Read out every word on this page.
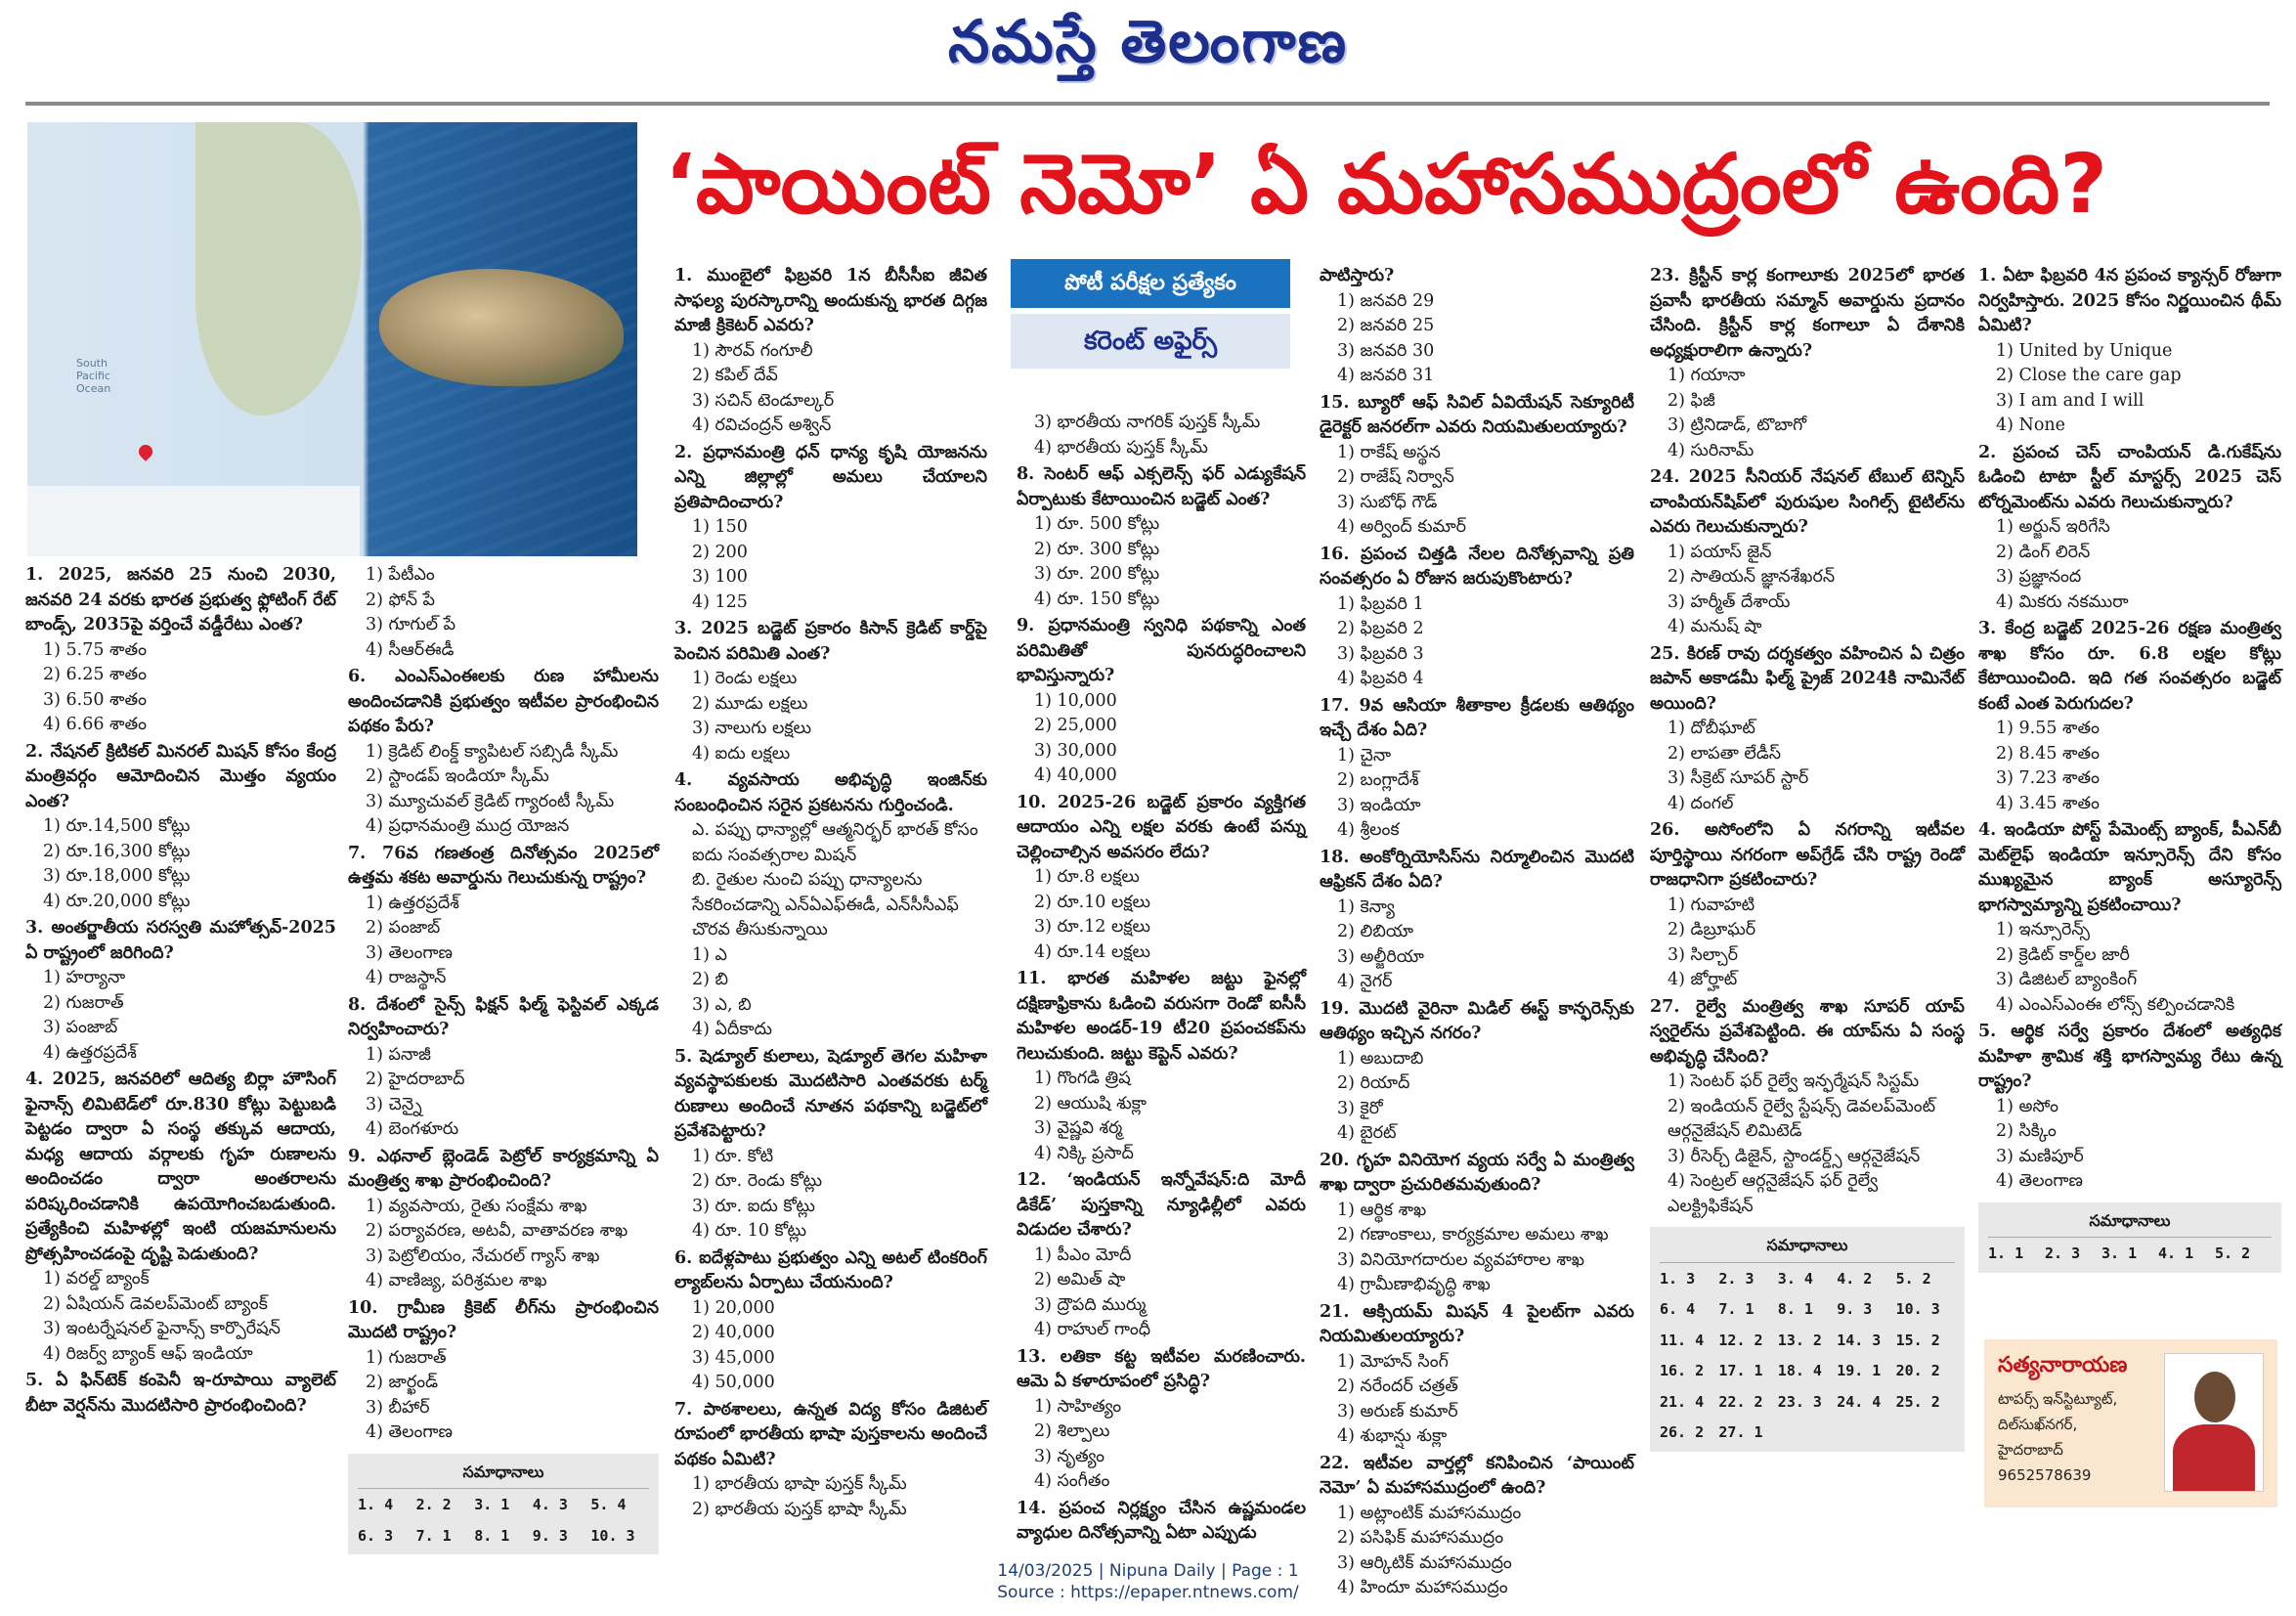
నమస్తే తెలంగాణ
South
Pacific
Ocean
‘పాయింట్ నెమో’ ఏ మహాసముద్రంలో ఉంది?
1. 2025, జనవరి 25 నుంచి 2030, జనవరి 24 వరకు భారత ప్రభుత్వ ఫ్లోటింగ్ రేట్ బాండ్స్, 2035పై వర్తించే వడ్డీరేటు ఎంత?
1) 5.75 శాతం2) 6.25 శాతం3) 6.50 శాతం4) 6.66 శాతం
2. నేషనల్ క్రిటికల్ మినరల్ మిషన్ కోసం కేంద్ర మంత్రివర్గం ఆమోదించిన మొత్తం వ్యయం ఎంత?
1) రూ.14,500 కోట్లు
2) రూ.16,300 కోట్లు
3) రూ.18,000 కోట్లు
4) రూ.20,000 కోట్లు
3. అంతర్జాతీయ సరస్వతి మహోత్సవ్-2025 ఏ రాష్ట్రంలో జరిగింది?
1) హర్యానా
2) గుజరాత్
3) పంజాబ్
4) ఉత్తరప్రదేశ్
4. 2025, జనవరిలో ఆదిత్య బిర్లా హౌసింగ్ ఫైనాన్స్ లిమిటెడ్‌లో రూ.830 కోట్లు పెట్టుబడి పెట్టడం ద్వారా ఏ సంస్థ తక్కువ ఆదాయ, మధ్య ఆదాయ వర్గాలకు గృహ రుణాలను అందించడం ద్వారా అంతరాలను పరిష్కరించడానికి ఉపయోగించబడుతుంది. ప్రత్యేకించి మహిళల్లో ఇంటి యజమానులను ప్రోత్సహించడంపై దృష్టి పెడుతుంది?
1) వరల్డ్ బ్యాంక్
2) ఏషియన్ డెవలప్‌మెంట్ బ్యాంక్
3) ఇంటర్నేషనల్ ఫైనాన్స్ కార్పొరేషన్
4) రిజర్వ్ బ్యాంక్ ఆఫ్ ఇండియా
5. ఏ ఫిన్‌టెక్ కంపెనీ ఇ-రూపాయి వ్యాలెట్ బీటా వెర్షన్‌ను మొదటిసారి ప్రారంభించింది?
1) పేటీఎం2) ఫోన్ పే3) గూగుల్ పే4) సీఆర్‌ఈడీ
6. ఎంఎస్‌ఎంఈలకు రుణ హామీలను అందించడానికి ప్రభుత్వం ఇటీవల ప్రారంభించిన పథకం పేరు?
1) క్రెడిట్ లింక్డ్ క్యాపిటల్ సబ్సిడీ స్కీమ్
2) స్టాండప్ ఇండియా స్కీమ్
3) మ్యూచువల్ క్రెడిట్ గ్యారంటీ స్కీమ్
4) ప్రధానమంత్రి ముద్ర యోజన
7. 76వ గణతంత్ర దినోత్సవం 2025లో ఉత్తమ శకట అవార్డును గెలుచుకున్న రాష్ట్రం?
1) ఉత్తరప్రదేశ్
2) పంజాబ్
3) తెలంగాణ
4) రాజస్థాన్
8. దేశంలో సైన్స్ ఫిక్షన్ ఫిల్మ్ ఫెస్టివల్ ఎక్కడ నిర్వహించారు?
1) పనాజీ2) హైదరాబాద్3) చెన్నై4) బెంగళూరు
9. ఎథనాల్ బ్లెండెడ్ పెట్రోల్ కార్యక్రమాన్ని ఏ మంత్రిత్వ శాఖ ప్రారంభించింది?
1) వ్యవసాయ, రైతు సంక్షేమ శాఖ
2) పర్యావరణ, అటవీ, వాతావరణ శాఖ
3) పెట్రోలియం, నేచురల్ గ్యాస్ శాఖ
4) వాణిజ్య, పరిశ్రమల శాఖ
10. గ్రామీణ క్రికెట్ లీగ్‌ను ప్రారంభించిన మొదటి రాష్ట్రం?
1) గుజరాత్2) జార్ఖండ్3) బీహార్4) తెలంగాణ
సమాధానాలు
1. 4	2. 2	3. 1	4. 3	5. 4
6. 3	7. 1	8. 1	9. 3	10. 3
1. ముంబైలో ఫిబ్రవరి 1న బీసీసీఐ జీవిత సాఫల్య పురస్కారాన్ని అందుకున్న భారత దిగ్గజ మాజీ క్రికెటర్ ఎవరు?
1) సౌరవ్ గంగూలీ
2) కపిల్ దేవ్
3) సచిన్ టెండూల్కర్
4) రవిచంద్రన్ అశ్విన్
2. ప్రధానమంత్రి ధన్ ధాన్య కృషి యోజనను ఎన్ని జిల్లాల్లో అమలు చేయాలని ప్రతిపాదించారు?
1) 1502) 2003) 1004) 125
3. 2025 బడ్జెట్ ప్రకారం కిసాన్ క్రెడిట్ కార్డ్‌పై పెంచిన పరిమితి ఎంత?
1) రెండు లక్షలు
2) మూడు లక్షలు
3) నాలుగు లక్షలు
4) ఐదు లక్షలు
4. వ్యవసాయ అభివృద్ధి ఇంజిన్‌కు సంబంధించిన సరైన ప్రకటనను గుర్తించండి.
ఎ. పప్పు ధాన్యాల్లో ఆత్మనిర్భర్ భారత్ కోసం ఐదు సంవత్సరాల మిషన్
బి. రైతుల నుంచి పప్పు ధాన్యాలను సేకరించడాన్ని ఎన్‌ఏఎఫ్‌ఈడీ, ఎన్‌సీసీఎఫ్ చొరవ తీసుకున్నాయి
1) ఎ
2) బి
3) ఎ, బి
4) ఏదీకాదు
5. షెడ్యూల్ కులాలు, షెడ్యూల్ తెగల మహిళా వ్యవస్థాపకులకు మొదటిసారి ఎంతవరకు టర్మ్ రుణాలు అందించే నూతన పథకాన్ని బడ్జెట్‌లో ప్రవేశపెట్టారు?
1) రూ. కోటి
2) రూ. రెండు కోట్లు
3) రూ. ఐదు కోట్లు
4) రూ. 10 కోట్లు
6. ఐదేళ్లపాటు ప్రభుత్వం ఎన్ని అటల్ టింకరింగ్ ల్యాబ్‌లను ఏర్పాటు చేయనుంది?
1) 20,0002) 40,0003) 45,0004) 50,000
7. పాఠశాలలు, ఉన్నత విద్య కోసం డిజిటల్ రూపంలో భారతీయ భాషా పుస్తకాలను అందించే పథకం ఏమిటి?
1) భారతీయ భాషా పుస్తక్ స్కీమ్
2) భారతీయ పుస్తక్ భాషా స్కీమ్
పోటీ పరీక్షల ప్రత్యేకం
కరెంట్ అఫైర్స్
3) భారతీయ నాగరిక్ పుస్తక్ స్కీమ్
4) భారతీయ పుస్తక్ స్కీమ్
8. సెంటర్ ఆఫ్ ఎక్సలెన్స్ ఫర్ ఎడ్యుకేషన్ ఏర్పాటుకు కేటాయించిన బడ్జెట్ ఎంత?
1) రూ. 500 కోట్లు
2) రూ. 300 కోట్లు
3) రూ. 200 కోట్లు
4) రూ. 150 కోట్లు
9. ప్రధానమంత్రి స్వనిధి పథకాన్ని ఎంత పరిమితితో పునరుద్ధరించాలని భావిస్తున్నారు?
1) 10,0002) 25,0003) 30,0004) 40,000
10. 2025-26 బడ్జెట్ ప్రకారం వ్యక్తిగత ఆదాయం ఎన్ని లక్షల వరకు ఉంటే పన్ను చెల్లించాల్సిన అవసరం లేదు?
1) రూ.8 లక్షలు
2) రూ.10 లక్షలు
3) రూ.12 లక్షలు
4) రూ.14 లక్షలు
11. భారత మహిళల జట్టు ఫైనల్లో దక్షిణాఫ్రికాను ఓడించి వరుసగా రెండో ఐసీసీ మహిళల అండర్-19 టీ20 ప్రపంచకప్‌ను గెలుచుకుంది. జట్టు కెప్టెన్ ఎవరు?
1) గొంగడి త్రిష
2) ఆయుషి శుక్లా
3) వైష్ణవి శర్మ
4) నిక్కి ప్రసాద్
12. ‘ఇండియన్ ఇన్నోవేషన్:ది మోదీ డికేడ్’ పుస్తకాన్ని న్యూఢిల్లీలో ఎవరు విడుదల చేశారు?
1) పీఎం మోదీ
2) అమిత్ షా
3) ద్రౌపది ముర్ము
4) రాహుల్ గాంధీ
13. లతికా కట్ట ఇటీవల మరణించారు. ఆమె ఏ కళారూపంలో ప్రసిద్ధి?
1) సాహిత్యం2) శిల్పాలు3) నృత్యం4) సంగీతం
14. ప్రపంచ నిర్లక్ష్యం చేసిన ఉష్ణమండల వ్యాధుల దినోత్సవాన్ని ఏటా ఎప్పుడు
పాటిస్తారు?
1) జనవరి 292) జనవరి 253) జనవరి 304) జనవరి 31
15. బ్యూరో ఆఫ్ సివిల్ ఏవియేషన్ సెక్యూరిటీ డైరెక్టర్ జనరల్‌గా ఎవరు నియమితులయ్యారు?
1) రాకేష్ అస్థన
2) రాజేష్ నిర్వాన్
3) సుబోధ్ గౌడ్
4) అర్వింద్ కుమార్
16. ప్రపంచ చిత్తడి నేలల దినోత్సవాన్ని ప్రతి సంవత్సరం ఏ రోజున జరుపుకొంటారు?
1) ఫిబ్రవరి 12) ఫిబ్రవరి 23) ఫిబ్రవరి 34) ఫిబ్రవరి 4
17. 9వ ఆసియా శీతాకాల క్రీడలకు ఆతిథ్యం ఇచ్చే దేశం ఏది?
1) చైనా2) బంగ్లాదేశ్3) ఇండియా4) శ్రీలంక
18. అంకోర్నియోసిస్‌ను నిర్మూలించిన మొదటి ఆఫ్రికన్ దేశం ఏది?
1) కెన్యా2) లిబియా3) అల్జీరియా4) నైగర్
19. మొదటి వైరినా మిడిల్ ఈస్ట్ కాన్ఫరెన్స్‌కు ఆతిథ్యం ఇచ్చిన నగరం?
1) అబుదాబి2) రియాద్3) కైరో4) బైరట్
20. గృహ వినియోగ వ్యయ సర్వే ఏ మంత్రిత్వ శాఖ ద్వారా ప్రచురితమవుతుంది?
1) ఆర్థిక శాఖ
2) గణాంకాలు, కార్యక్రమాల అమలు శాఖ
3) వినియోగదారుల వ్యవహారాల శాఖ
4) గ్రామీణాభివృద్ధి శాఖ
21. ఆక్సియమ్ మిషన్ 4 పైలట్‌గా ఎవరు నియమితులయ్యారు?
1) మోహన్ సింగ్
2) నరేందర్ చత్రత్
3) అరుణ్ కుమార్
4) శుభాన్షు శుక్లా
22. ఇటీవల వార్తల్లో కనిపించిన ‘పాయింట్ నెమో’ ఏ మహాసముద్రంలో ఉంది?
1) అట్లాంటిక్ మహాసముద్రం
2) పసిఫిక్ మహాసముద్రం
3) ఆర్కిటిక్ మహాసముద్రం
4) హిందూ మహాసముద్రం
23. క్రిస్టీన్ కార్ల కంగాలూకు 2025లో భారత ప్రవాసీ భారతీయ సమ్మాన్ అవార్డును ప్రదానం చేసింది. క్రిస్టీన్ కార్ల కంగాలూ ఏ దేశానికి అధ్యక్షురాలిగా ఉన్నారు?
1) గయానా
2) ఫిజీ
3) ట్రినిడాడ్, టొబాగో
4) సురినామ్
24. 2025 సీనియర్ నేషనల్ టేబుల్ టెన్నిస్ చాంపియన్‌షిప్‌లో పురుషుల సింగిల్స్ టైటిల్‌ను ఎవరు గెలుచుకున్నారు?
1) పయాస్ జైన్
2) సాతియన్ జ్ఞానశేఖరన్
3) హర్మీత్ దేశాయ్
4) మనుష్ షా
25. కిరణ్ రావు దర్శకత్వం వహించిన ఏ చిత్రం జపాన్ అకాడమీ ఫిల్మ్ ప్రైజ్ 2024కి నామినేట్ అయింది?
1) దోబీఘాట్
2) లాపతా లేడీస్
3) సీక్రెట్ సూపర్ స్టార్
4) దంగల్
26. అసోంలోని ఏ నగరాన్ని ఇటీవల పూర్తిస్థాయి నగరంగా అప్‌గ్రేడ్ చేసి రాష్ట్ర రెండో రాజధానిగా ప్రకటించారు?
1) గువాహటి2) డిబ్రూఘర్3) సిల్చార్4) జోర్హాట్
27. రైల్వే మంత్రిత్వ శాఖ సూపర్ యాప్ స్వరైల్‌ను ప్రవేశపెట్టింది. ఈ యాప్‌ను ఏ సంస్థ అభివృద్ధి చేసింది?
1) సెంటర్ ఫర్ రైల్వే ఇన్ఫర్మేషన్ సిస్టమ్
2) ఇండియన్ రైల్వే స్టేషన్స్ డెవలప్‌మెంట్ ఆర్గనైజేషన్ లిమిటెడ్
3) రీసెర్చ్ డిజైన్, స్టాండర్డ్స్ ఆర్గనైజేషన్
4) సెంట్రల్ ఆర్గనైజేషన్ ఫర్ రైల్వే ఎలక్ట్రిఫికేషన్
సమాధానాలు
1. 3	2. 3	3. 4	4. 2	5. 2
6. 4	7. 1	8. 1	9. 3	10. 3
11. 4	12. 2	13. 2	14. 3	15. 2
16. 2	17. 1	18. 4	19. 1	20. 2
21. 4	22. 2	23. 3	24. 4	25. 2
26. 2	27. 1
1. ఏటా ఫిబ్రవరి 4న ప్రపంచ క్యాన్సర్ రోజుగా నిర్వహిస్తారు. 2025 కోసం నిర్ణయించిన థీమ్ ఏమిటి?
1) United by Unique
2) Close the care gap
3) I am and I will
4) None
2. ప్రపంచ చెస్ చాంపియన్ డి.గుకేష్‌ను ఓడించి టాటా స్టీల్ మాస్టర్స్ 2025 చెస్ టోర్నమెంట్‌ను ఎవరు గెలుచుకున్నారు?
1) అర్జున్ ఇరిగేసి
2) డింగ్ లిరెన్
3) ప్రజ్ఞానంద
4) మికరు నకమురా
3. కేంద్ర బడ్జెట్ 2025-26 రక్షణ మంత్రిత్వ శాఖ కోసం రూ. 6.8 లక్షల కోట్లు కేటాయించింది. ఇది గత సంవత్సరం బడ్జెట్ కంటే ఎంత పెరుగుదల?
1) 9.55 శాతం2) 8.45 శాతం3) 7.23 శాతం4) 3.45 శాతం
4. ఇండియా పోస్ట్ పేమెంట్స్ బ్యాంక్, పీఎన్‌బీ మెట్‌లైఫ్ ఇండియా ఇన్సూరెన్స్ దేని కోసం ముఖ్యమైన బ్యాంక్ అస్యూరెన్స్ భాగస్వామ్యాన్ని ప్రకటించాయి?
1) ఇన్సూరెన్స్
2) క్రెడిట్ కార్డ్‌ల జారీ
3) డిజిటల్ బ్యాంకింగ్
4) ఎంఎస్‌ఎంఈ లోన్స్ కల్పించడానికి
5. ఆర్థిక సర్వే ప్రకారం దేశంలో అత్యధిక మహిళా శ్రామిక శక్తి భాగస్వామ్య రేటు ఉన్న రాష్ట్రం?
1) అసోం2) సిక్కిం3) మణిపూర్4) తెలంగాణ
సమాధానాలు
1. 1	2. 3	3. 1	4. 1	5. 2
సత్యనారాయణ
టాపర్స్ ఇన్‌స్టిట్యూట్,
దిల్‌సుఖ్‌నగర్,
హైదరాబాద్
9652578639
14/03/2025 | Nipuna Daily | Page : 1
Source : https://epaper.ntnews.com/
